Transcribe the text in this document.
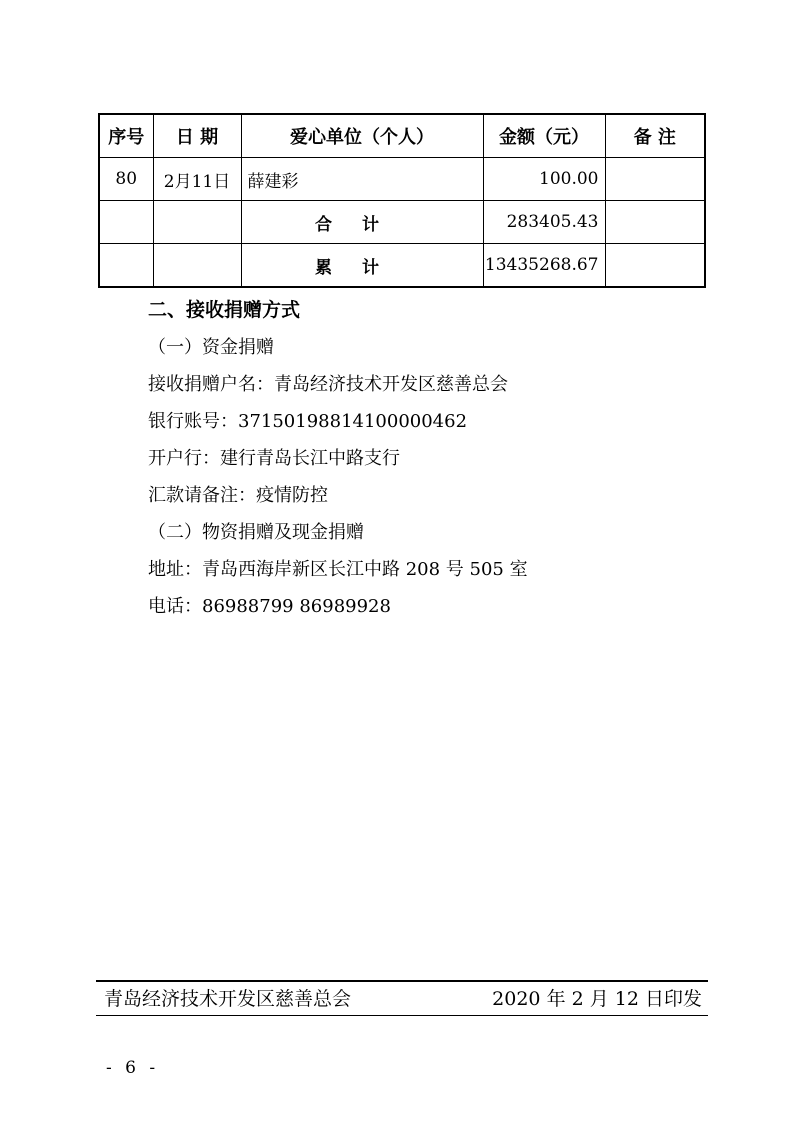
序号	日 期	爱心单位（个人）	金额（元）	备 注
80	2月11日	薛建彩	100.00	
		合计	283405.43	
		累计	13435268.67	
二、接收捐赠方式
（一）资金捐赠
接收捐赠户名：青岛经济技术开发区慈善总会
银行账号：37150198814100000462
开户行：建行青岛长江中路支行
汇款请备注：疫情防控
（二）物资捐赠及现金捐赠
地址：青岛西海岸新区长江中路 208 号 505 室
电话：86988799 86989928
青岛经济技术开发区慈善总会	2020 年 2 月 12 日印发
- 6 -
